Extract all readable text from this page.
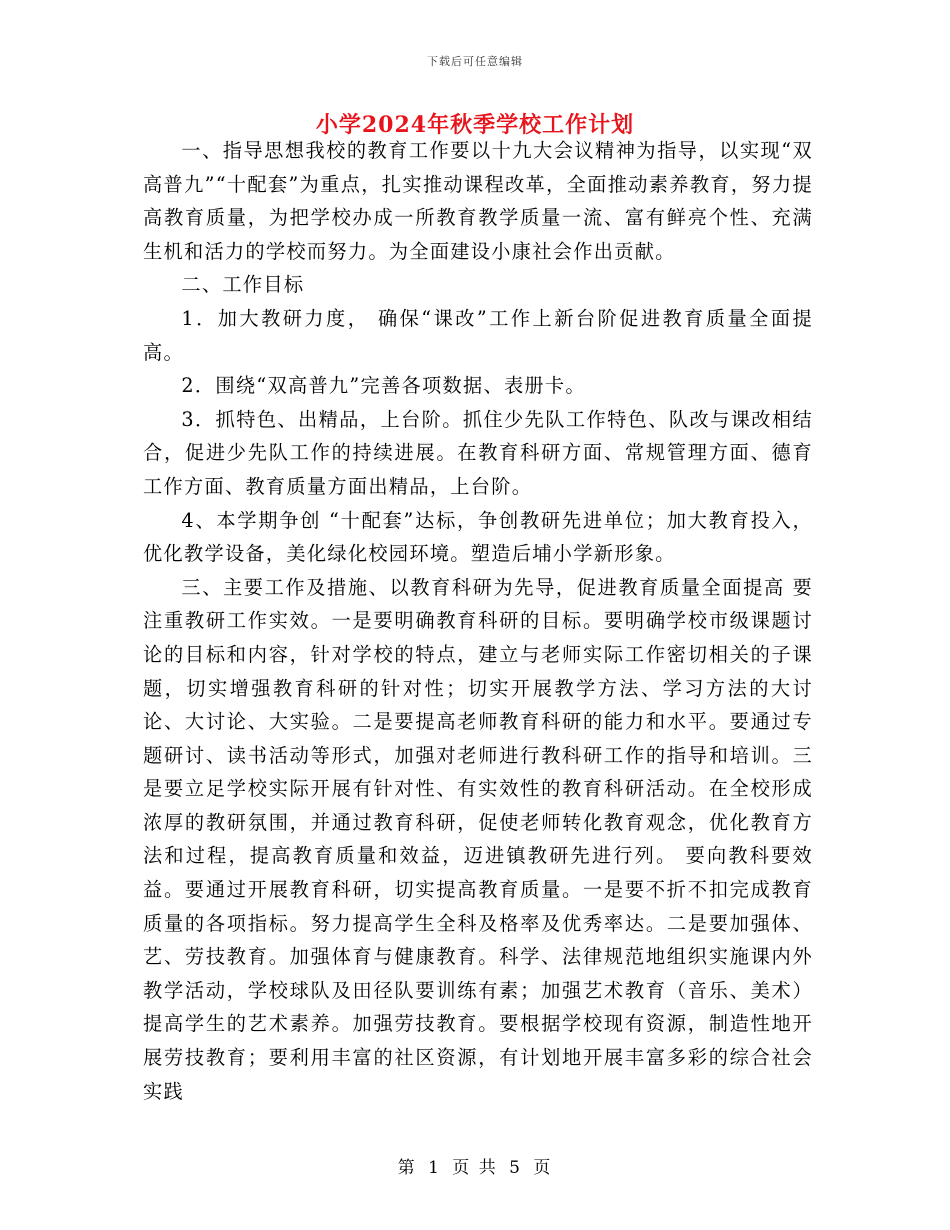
下载后可任意编辑
小学2024年秋季学校工作计划

一、指导思想我校的教育工作要以十九大会议精神为指导，以实现“双高普九”“十配套”为重点，扎实推动课程改革，全面推动素养教育，努力提高教育质量，为把学校办成一所教育教学质量一流、富有鲜亮个性、充满生机和活力的学校而努力。为全面建设小康社会作出贡献。

二、工作目标

1．加大教研力度， 确保“课改”工作上新台阶促进教育质量全面提高。

2．围绕“双高普九”完善各项数据、表册卡。

3．抓特色、出精品，上台阶。抓住少先队工作特色、队改与课改相结合，促进少先队工作的持续进展。在教育科研方面、常规管理方面、德育工作方面、教育质量方面出精品，上台阶。

4、本学期争创 “十配套”达标，争创教研先进单位；加大教育投入，优化教学设备，美化绿化校园环境。塑造后埔小学新形象。

三、主要工作及措施、以教育科研为先导，促进教育质量全面提高 要注重教研工作实效。一是要明确教育科研的目标。要明确学校市级课题讨论的目标和内容，针对学校的特点，建立与老师实际工作密切相关的子课题，切实增强教育科研的针对性；切实开展教学方法、学习方法的大讨论、大讨论、大实验。二是要提高老师教育科研的能力和水平。要通过专题研讨、读书活动等形式，加强对老师进行教科研工作的指导和培训。三是要立足学校实际开展有针对性、有实效性的教育科研活动。在全校形成浓厚的教研氛围，并通过教育科研，促使老师转化教育观念，优化教育方法和过程，提高教育质量和效益，迈进镇教研先进行列。 要向教科要效益。要通过开展教育科研，切实提高教育质量。一是要不折不扣完成教育质量的各项指标。努力提高学生全科及格率及优秀率达。二是要加强体、艺、劳技教育。加强体育与健康教育。科学、法律规范地组织实施课内外教学活动，学校球队及田径队要训练有素；加强艺术教育（音乐、美术）提高学生的艺术素养。加强劳技教育。要根据学校现有资源，制造性地开展劳技教育；要利用丰富的社区资源，有计划地开展丰富多彩的综合社会实践

第 1 页 共 5 页
